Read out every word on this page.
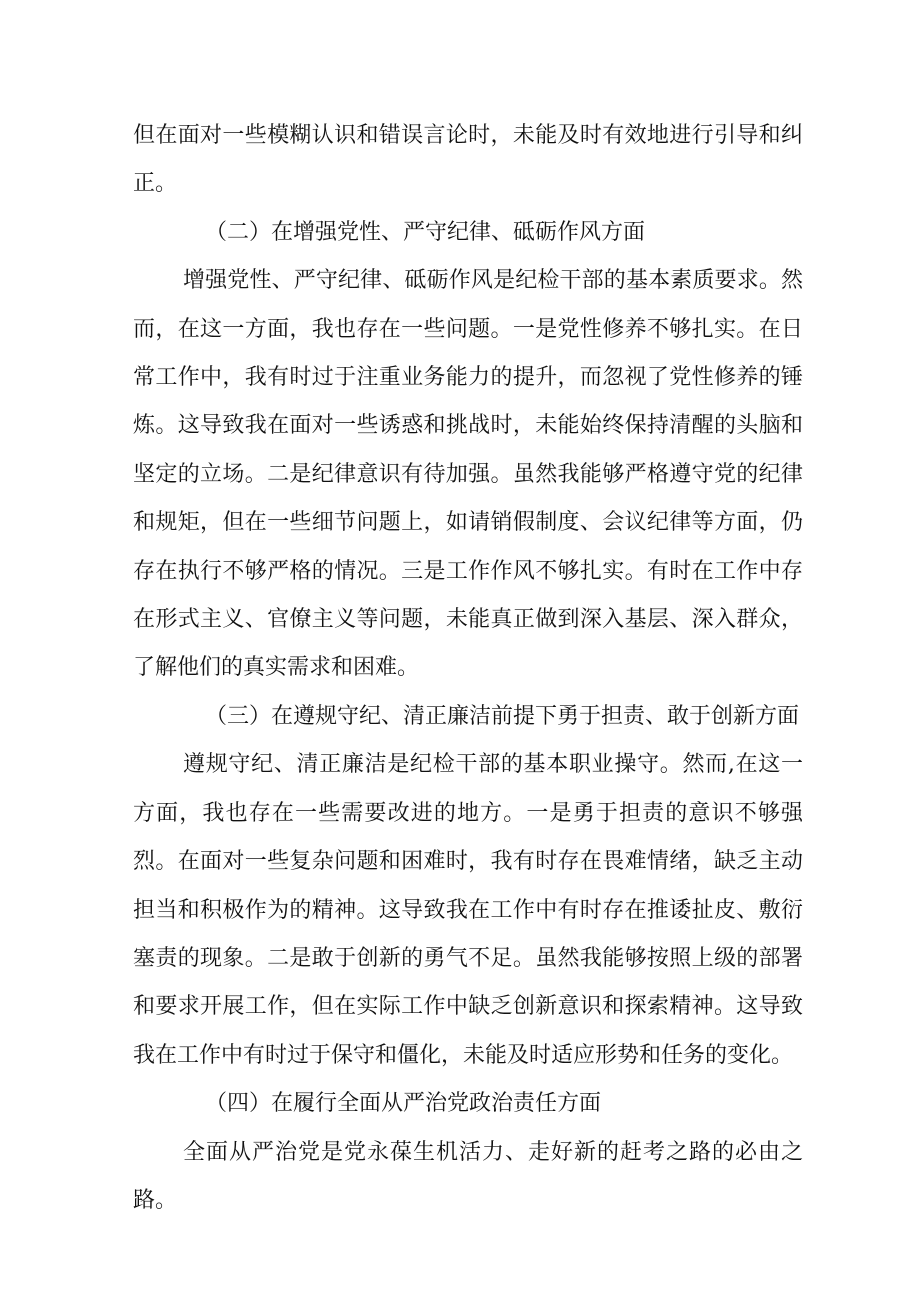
但在面对一些模糊认识和错误言论时，未能及时有效地进行引导和纠正。

（二）在增强党性、严守纪律、砥砺作风方面

增强党性、严守纪律、砥砺作风是纪检干部的基本素质要求。然而，在这一方面，我也存在一些问题。一是党性修养不够扎实。在日常工作中，我有时过于注重业务能力的提升，而忽视了党性修养的锤炼。这导致我在面对一些诱惑和挑战时，未能始终保持清醒的头脑和坚定的立场。二是纪律意识有待加强。虽然我能够严格遵守党的纪律和规矩，但在一些细节问题上，如请销假制度、会议纪律等方面，仍存在执行不够严格的情况。三是工作作风不够扎实。有时在工作中存在形式主义、官僚主义等问题，未能真正做到深入基层、深入群众，了解他们的真实需求和困难。

（三）在遵规守纪、清正廉洁前提下勇于担责、敢于创新方面

遵规守纪、清正廉洁是纪检干部的基本职业操守。然而,在这一方面，我也存在一些需要改进的地方。一是勇于担责的意识不够强烈。在面对一些复杂问题和困难时，我有时存在畏难情绪，缺乏主动担当和积极作为的精神。这导致我在工作中有时存在推诿扯皮、敷衍塞责的现象。二是敢于创新的勇气不足。虽然我能够按照上级的部署和要求开展工作，但在实际工作中缺乏创新意识和探索精神。这导致我在工作中有时过于保守和僵化，未能及时适应形势和任务的变化。

（四）在履行全面从严治党政治责任方面

全面从严治党是党永葆生机活力、走好新的赶考之路的必由之路。
